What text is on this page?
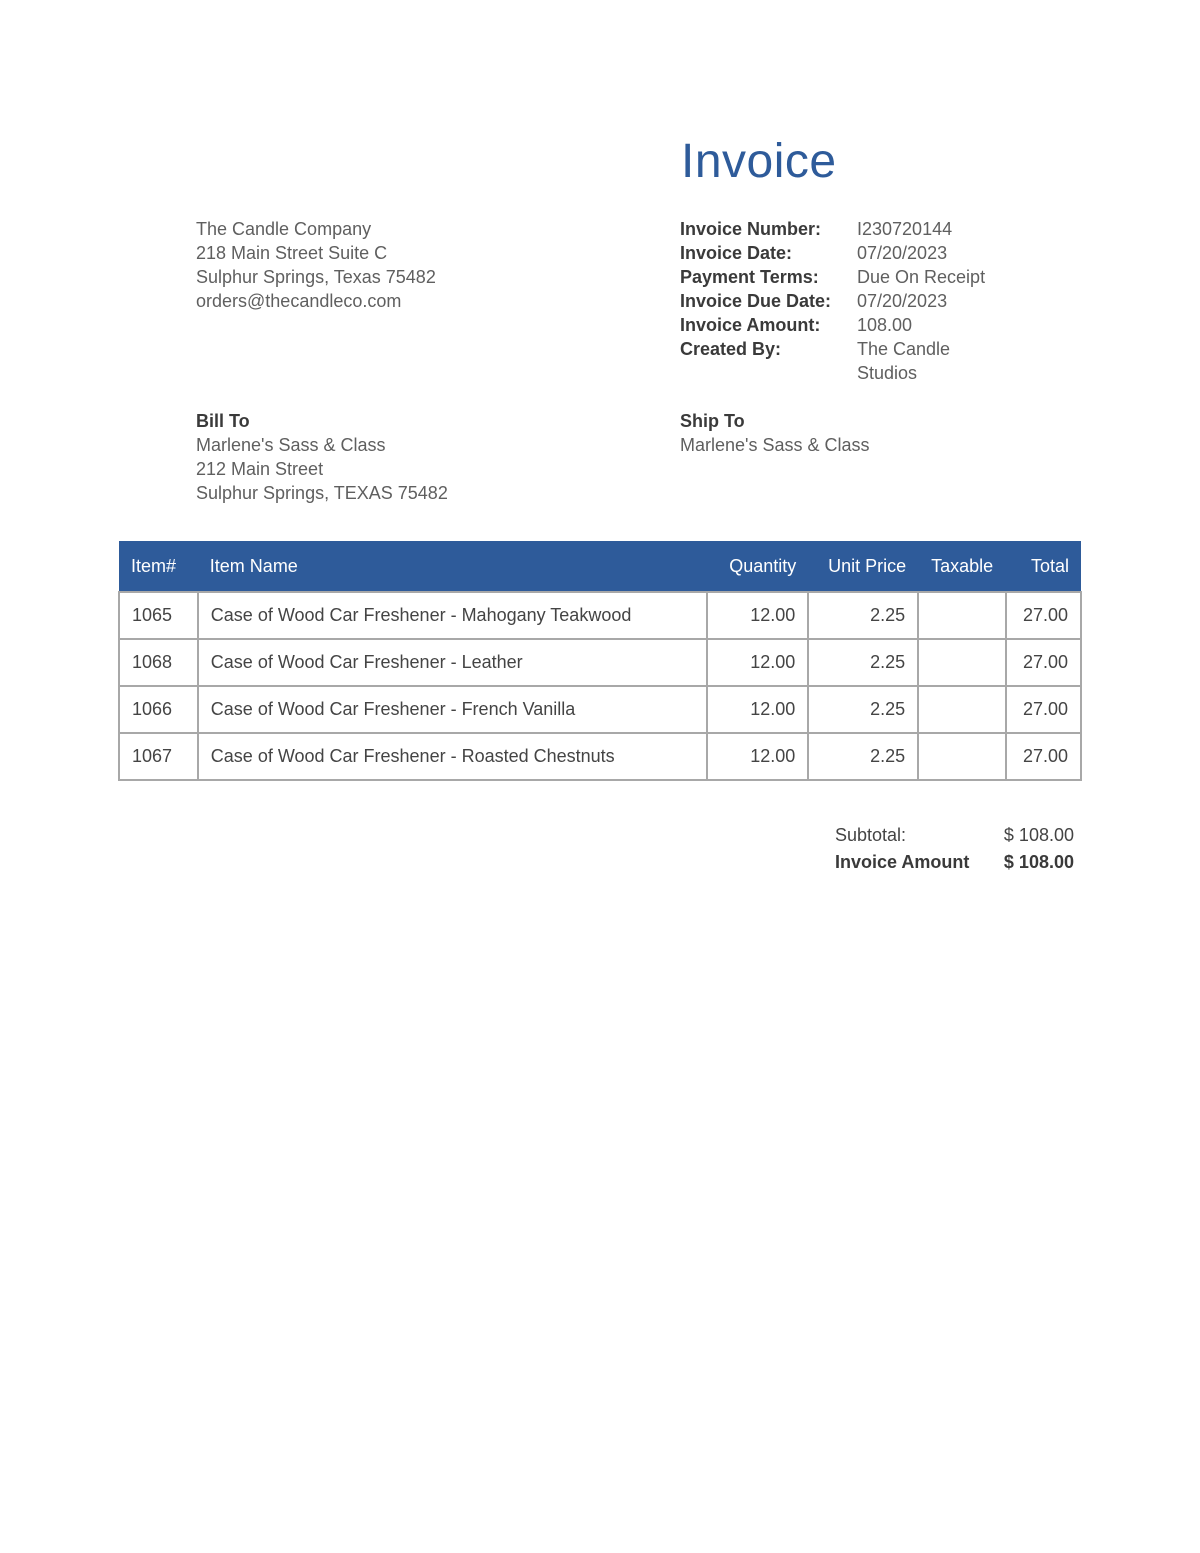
Invoice
The Candle Company
218 Main Street Suite C
Sulphur Springs, Texas 75482
orders@thecandleco.com
Invoice Number:	I230720144
Invoice Date:	07/20/2023
Payment Terms:	Due On Receipt
Invoice Due Date:	07/20/2023
Invoice Amount:	108.00
Created By:	The Candle Studios
Bill To
Marlene's Sass & Class
212 Main Street
Sulphur Springs, TEXAS 75482
Ship To
Marlene's Sass & Class
Item#	Item Name	Quantity	Unit Price	Taxable	Total
1065	Case of Wood Car Freshener - Mahogany Teakwood	12.00	2.25		27.00
1068	Case of Wood Car Freshener - Leather	12.00	2.25		27.00
1066	Case of Wood Car Freshener - French Vanilla	12.00	2.25		27.00
1067	Case of Wood Car Freshener - Roasted Chestnuts	12.00	2.25		27.00
Subtotal:	$ 108.00
Invoice Amount	$ 108.00
